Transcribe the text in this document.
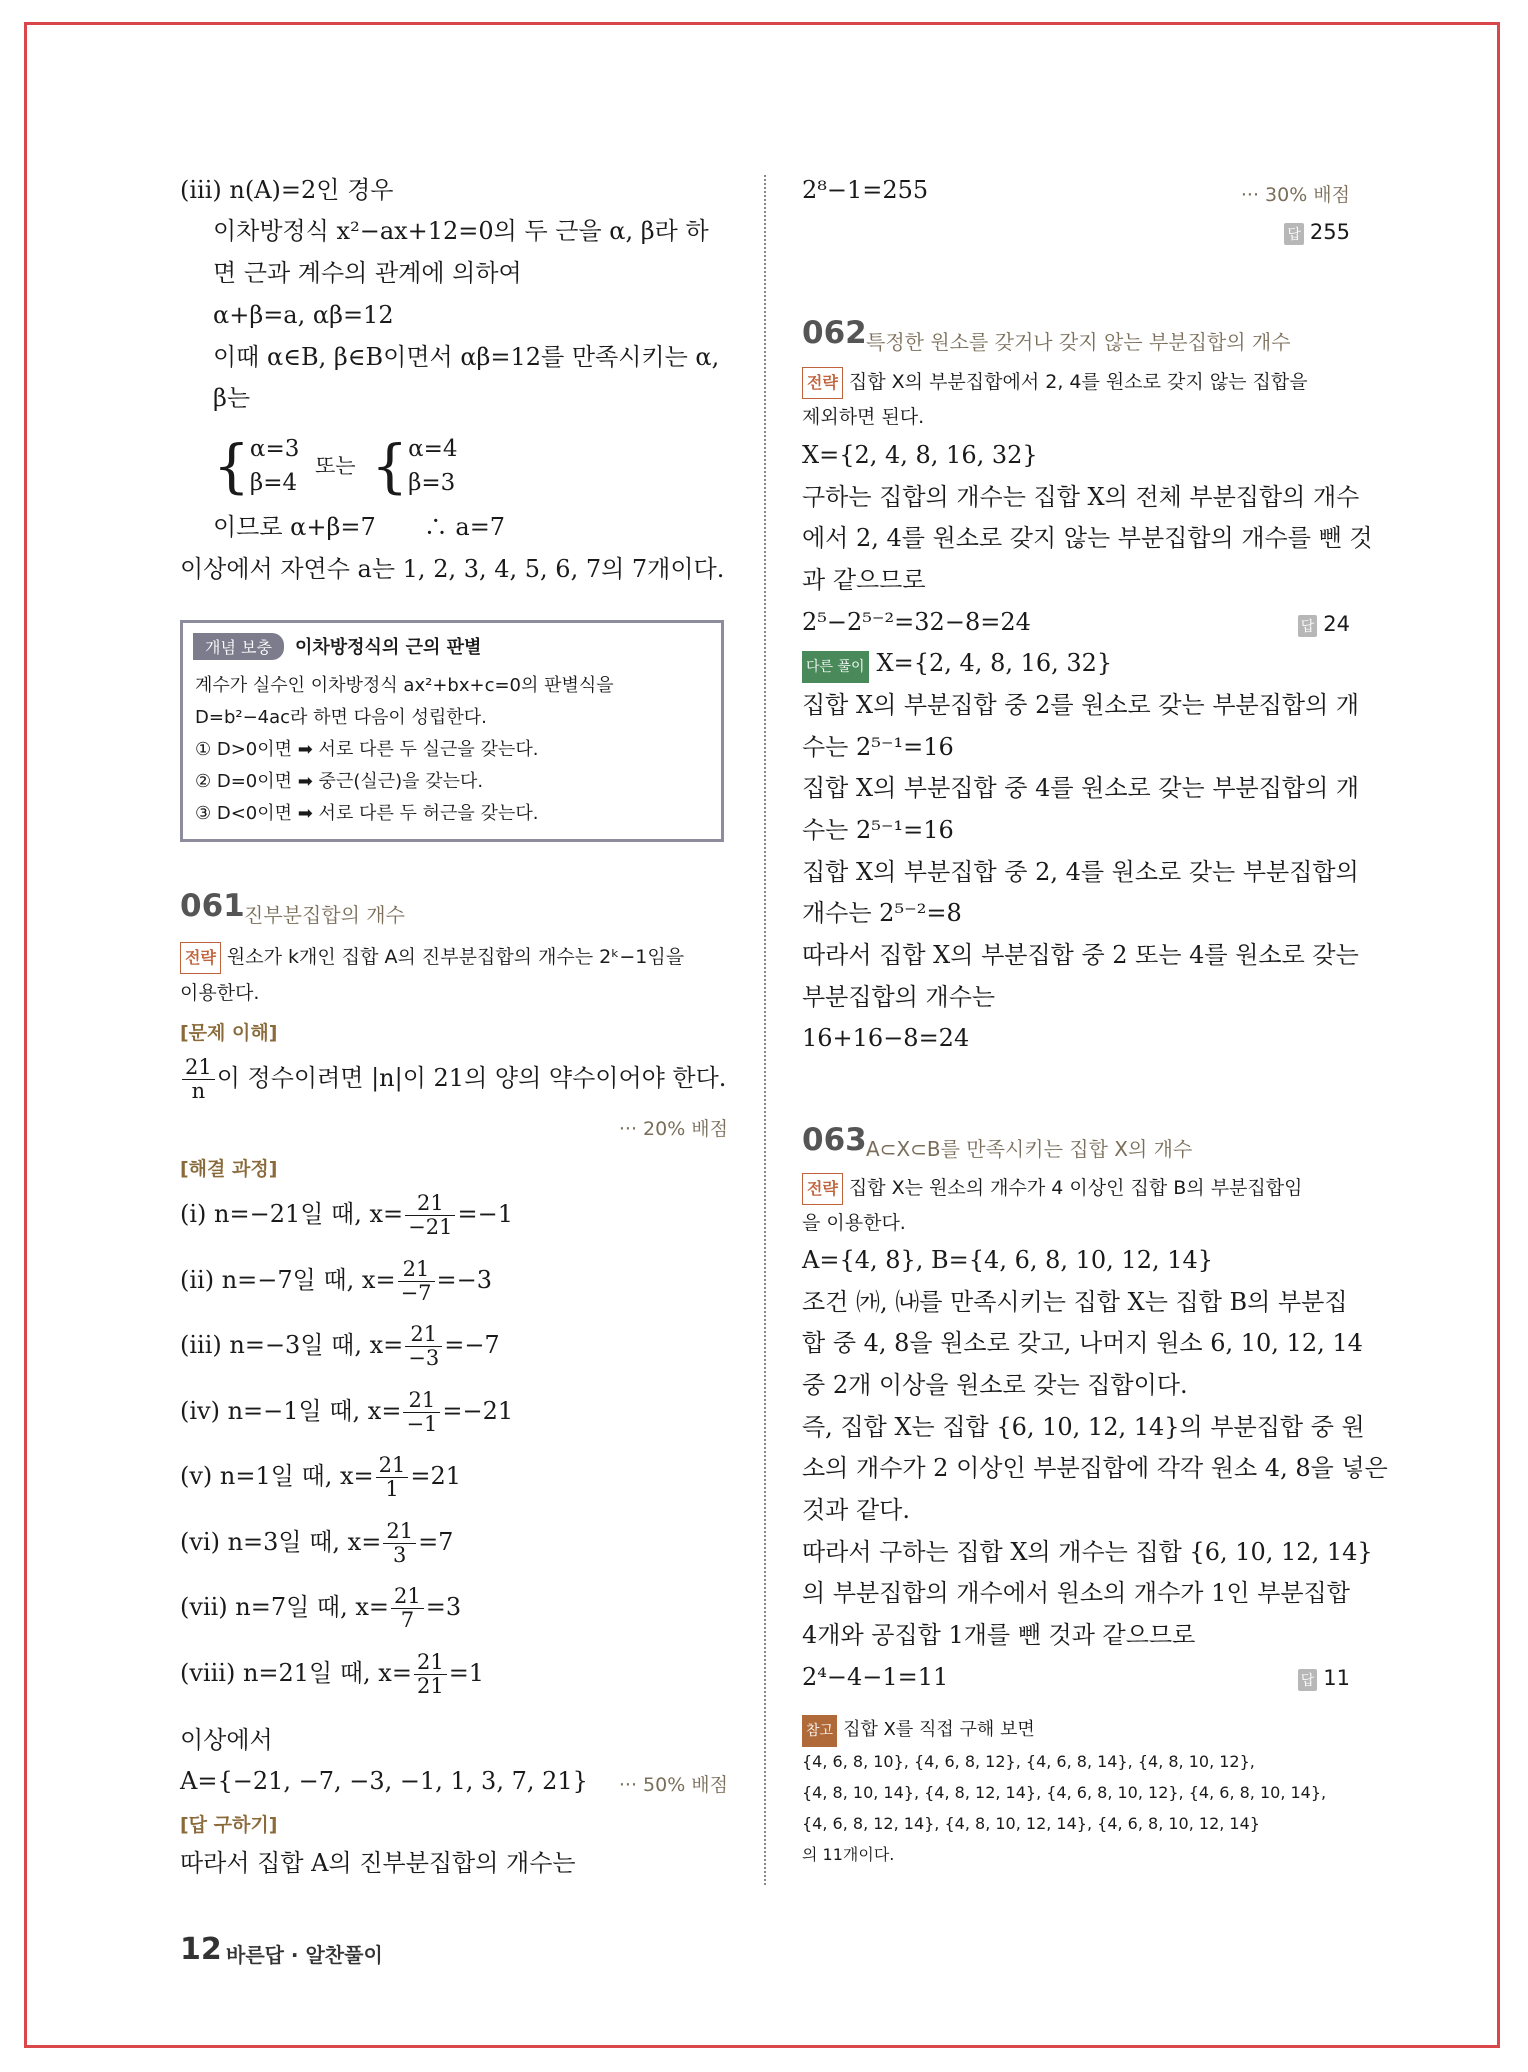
(ⅲ) n(A)=2인 경우
이차방정식 x²−ax+12=0의 두 근을 α, β라 하
면 근과 계수의 관계에 의하여
α+β=a, αβ=12
이때 α∈B, β∈B이면서 αβ=12를 만족시키는 α,
β는
{ α=3
β=4
또는 { α=4
β=3
이므로 α+β=7　　∴ a=7
이상에서 자연수 a는 1, 2, 3, 4, 5, 6, 7의 7개이다.
개념 보충	이차방정식의 근의 판별
계수가 실수인 이차방정식 ax²+bx+c=0의 판별식을
D=b²−4ac라 하면 다음이 성립한다.
① D>0이면 ➡ 서로 다른 두 실근을 갖는다.
② D=0이면 ➡ 중근(실근)을 갖는다.
③ D<0이면 ➡ 서로 다른 두 허근을 갖는다.
061 진부분집합의 개수
전략 원소가 k개인 집합 A의 진부분집합의 개수는 2ᵏ−1임을
이용한다.
[문제 이해]
$\frac{21}{n}$ 이 정수이려면 |n|이 21의 양의 약수이어야 한다.
··· 20% 배점
[해결 과정]
(ⅰ) n=−21일 때, $x= \frac{21}{-21} =-1$
(ⅱ) n=−7일 때, $x= \frac{21}{-7} =-3$
(ⅲ) n=−3일 때, $x= \frac{21}{-3} =-7$
(ⅳ) n=−1일 때, $x= \frac{21}{-1} =-21$
(ⅴ) n=1일 때, $x= \frac{21}{1} =21$
(ⅵ) n=3일 때, $x= \frac{21}{3} =7$
(ⅶ) n=7일 때, $x= \frac{21}{7} =3$
(ⅷ) n=21일 때, $x= \frac{21}{21} =1$
이상에서
A={−21, −7, −3, −1, 1, 3, 7, 21} ··· 50% 배점
[답 구하기]
따라서 집합 A의 진부분집합의 개수는
2⁸−1=255	··· 30% 배점
답 255
062 특정한 원소를 갖거나 갖지 않는 부분집합의 개수
전략 집합 X의 부분집합에서 2, 4를 원소로 갖지 않는 집합을
제외하면 된다.
X={2, 4, 8, 16, 32}
구하는 집합의 개수는 집합 X의 전체 부분집합의 개수
에서 2, 4를 원소로 갖지 않는 부분집합의 개수를 뺀 것
과 같으므로
2⁵−2⁵⁻²=32−8=24	답 24
다른 풀이 X={2, 4, 8, 16, 32}
집합 X의 부분집합 중 2를 원소로 갖는 부분집합의 개
수는 2⁵⁻¹=16
집합 X의 부분집합 중 4를 원소로 갖는 부분집합의 개
수는 2⁵⁻¹=16
집합 X의 부분집합 중 2, 4를 원소로 갖는 부분집합의
개수는 2⁵⁻²=8
따라서 집합 X의 부분집합 중 2 또는 4를 원소로 갖는
부분집합의 개수는
16+16−8=24
063 A⊂X⊂B를 만족시키는 집합 X의 개수
전략 집합 X는 원소의 개수가 4 이상인 집합 B의 부분집합임
을 이용한다.
A={4, 8}, B={4, 6, 8, 10, 12, 14}
조건 ㈎, ㈏를 만족시키는 집합 X는 집합 B의 부분집
합 중 4, 8을 원소로 갖고, 나머지 원소 6, 10, 12, 14
중 2개 이상을 원소로 갖는 집합이다.
즉, 집합 X는 집합 {6, 10, 12, 14}의 부분집합 중 원
소의 개수가 2 이상인 부분집합에 각각 원소 4, 8을 넣은
것과 같다.
따라서 구하는 집합 X의 개수는 집합 {6, 10, 12, 14}
의 부분집합의 개수에서 원소의 개수가 1인 부분집합
4개와 공집합 1개를 뺀 것과 같으므로
2⁴−4−1=11	답 11
참고 집합 X를 직접 구해 보면
{4, 6, 8, 10}, {4, 6, 8, 12}, {4, 6, 8, 14}, {4, 8, 10, 12},
{4, 8, 10, 14}, {4, 8, 12, 14}, {4, 6, 8, 10, 12}, {4, 6, 8, 10, 14},
{4, 6, 8, 12, 14}, {4, 8, 10, 12, 14}, {4, 6, 8, 10, 12, 14}
의 11개이다.
12 바른답 · 알찬풀이
